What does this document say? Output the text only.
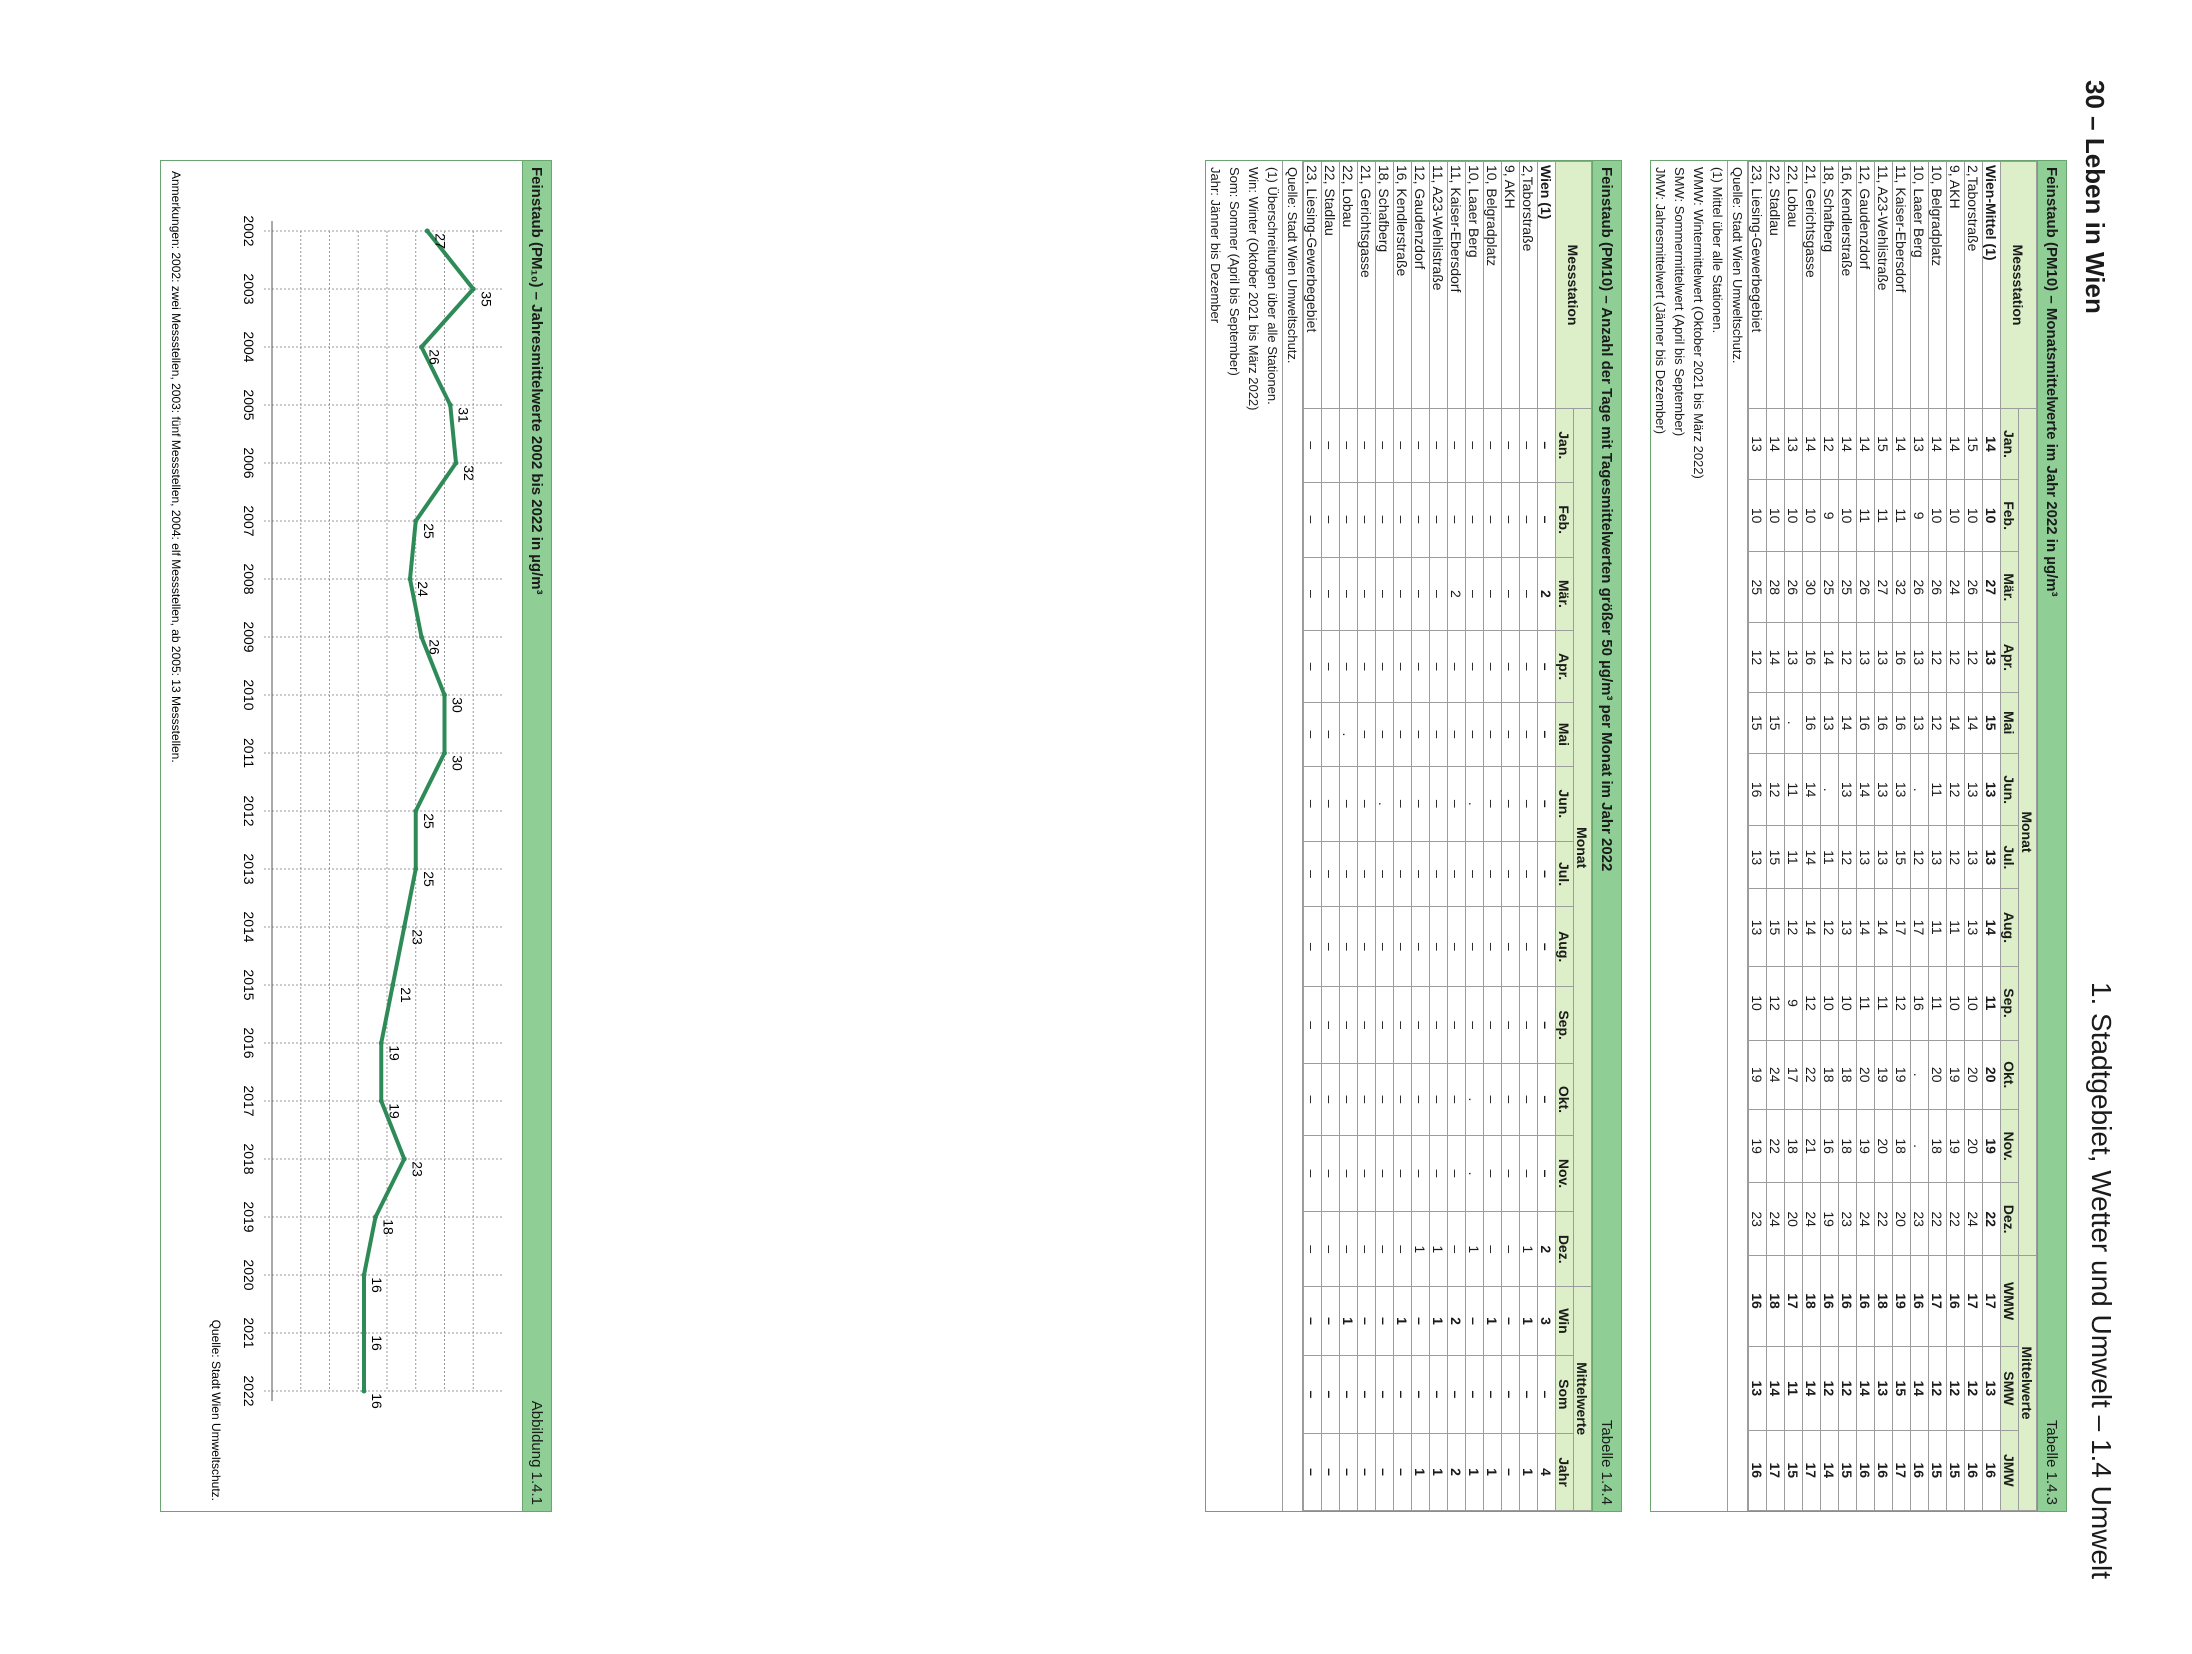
30 – Leben in Wien
1. Stadtgebiet, Wetter und Umwelt – 1.4 Umwelt
Feinstaub (PM10) – Monatsmittelwerte im Jahr 2022 in µg/m³
Tabelle 1.4.3
Messstation	Monat												Mittelwerte		
	Jan.	Feb.	Mär.	Apr.	Mai	Jun.	Jul.	Aug.	Sep.	Okt.	Nov.	Dez.	WMW	SMW	JMW
Wien-Mittel (1)	14	10	27	13	15	13	13	14	11	20	19	22	17	13	16
2,Taborstraße	15	10	26	12	14	13	13	13	10	20	20	24	17	12	16
9, AKH	14	10	24	12	14	12	12	11	10	19	19	22	16	12	15
10, Belgradplatz	14	10	26	12	12	11	13	11	11	20	18	22	17	12	15
10, Laaer Berg	13	9	26	13	13	.	12	17	16	.	.	23	16	14	16
11, Kaiser-Ebersdorf	14	11	32	16	16	13	15	17	12	19	18	20	19	15	17
11, A23-Wehlistraße	15	11	27	13	16	13	13	14	11	19	20	22	18	13	16
12, Gaudenzdorf	14	11	26	13	16	14	13	14	11	20	19	24	16	14	16
16, Kendlerstraße	14	10	25	12	14	13	12	13	10	18	18	23	16	12	15
18, Schafberg	12	9	25	14	13	.	11	12	10	18	16	19	16	12	14
21, Gerichtsgasse	14	10	30	16	16	14	14	14	12	22	21	24	18	14	17
22, Lobau	13	10	26	13	.	11	11	12	9	17	18	20	17	11	15
22, Stadlau	14	10	28	14	15	12	15	15	12	24	22	24	18	14	17
23, Liesing-Gewerbegebiet	13	10	25	12	15	16	13	13	10	19	19	23	16	13	16
Quelle: Stadt Wien Umweltschutz.
(1) Mittel über alle Stationen.
WMW: Wintermittelwert (Oktober 2021 bis März 2022)
SMW: Sommermittelwert (April bis September)
JMW: Jahresmittelwert (Jänner bis Dezember)
Feinstaub (PM10) – Anzahl der Tage mit Tagesmittelwerten größer 50 µg/m³ per Monat im Jahr 2022
Tabelle 1.4.4
Messstation	Monat												Mittelwerte		
	Jan.	Feb.	Mär.	Apr.	Mai	Jun.	Jul.	Aug.	Sep.	Okt.	Nov.	Dez.	Win	Som	Jahr
Wien (1)	–	–	2	–	–	–	–	–	–	–	–	2	3	–	4
2,Taborstraße	–	–	–	–	–	–	–	–	–	–	–	1	1	–	1
9, AKH	–	–	–	–	–	–	–	–	–	–	–	–	–	–	–
10, Belgradplatz	–	–	–	–	–	–	–	–	–	–	–	–	1	–	1
10, Laaer Berg	–	–	–	–	–	.	–	–	–	.	.	1	–	–	1
11, Kaiser-Ebersdorf	–	–	2	–	–	–	–	–	–	–	–	–	2	–	2
11, A23-Wehlistraße	–	–	–	–	–	–	–	–	–	–	–	1	1	–	1
12, Gaudenzdorf	–	–	–	–	–	–	–	–	–	–	–	1	–	–	1
16, Kendlerstraße	–	–	–	–	–	–	–	–	–	–	–	–	1	–	–
18, Schafberg	–	–	–	–	–	.	–	–	–	–	–	–	–	–	–
21, Gerichtsgasse	–	–	–	–	–	–	–	–	–	–	–	–	–	–	–
22, Lobau	–	–	–	–	.	–	–	–	–	–	–	–	1	–	–
22, Stadlau	–	–	–	–	–	–	–	–	–	–	–	–	–	–	–
23, Liesing-Gewerbegebiet	–	–	–	–	–	–	–	–	–	–	–	–	–	–	–
Quelle: Stadt Wien Umweltschutz.
(1) Überschreitungen über alle Stationen.
Win: Winter (Oktober 2021 bis März 2022)
Som: Sommer (April bis September)
Jahr: Jänner bis Dezember
Feinstaub (PM₁₀) – Jahresmittelwerte 2002 bis 2022 in µg/m³
Abbildung 1.4.1
2002
2003
2004
2005
2006
2007
2008
2009
2010
2011
2012
2013
2014
2015
2016
2017
2018
2019
2020
2021
2022
27
35
26
31
32
25
24
26
30
30
25
25
23
21
19
19
23
18
16
16
16
Quelle: Stadt Wien Umweltschutz.
Anmerkungen: 2002: zwei Messstellen, 2003: fünf Messstellen, 2004: elf Messstellen, ab 2005: 13 Messstellen.
